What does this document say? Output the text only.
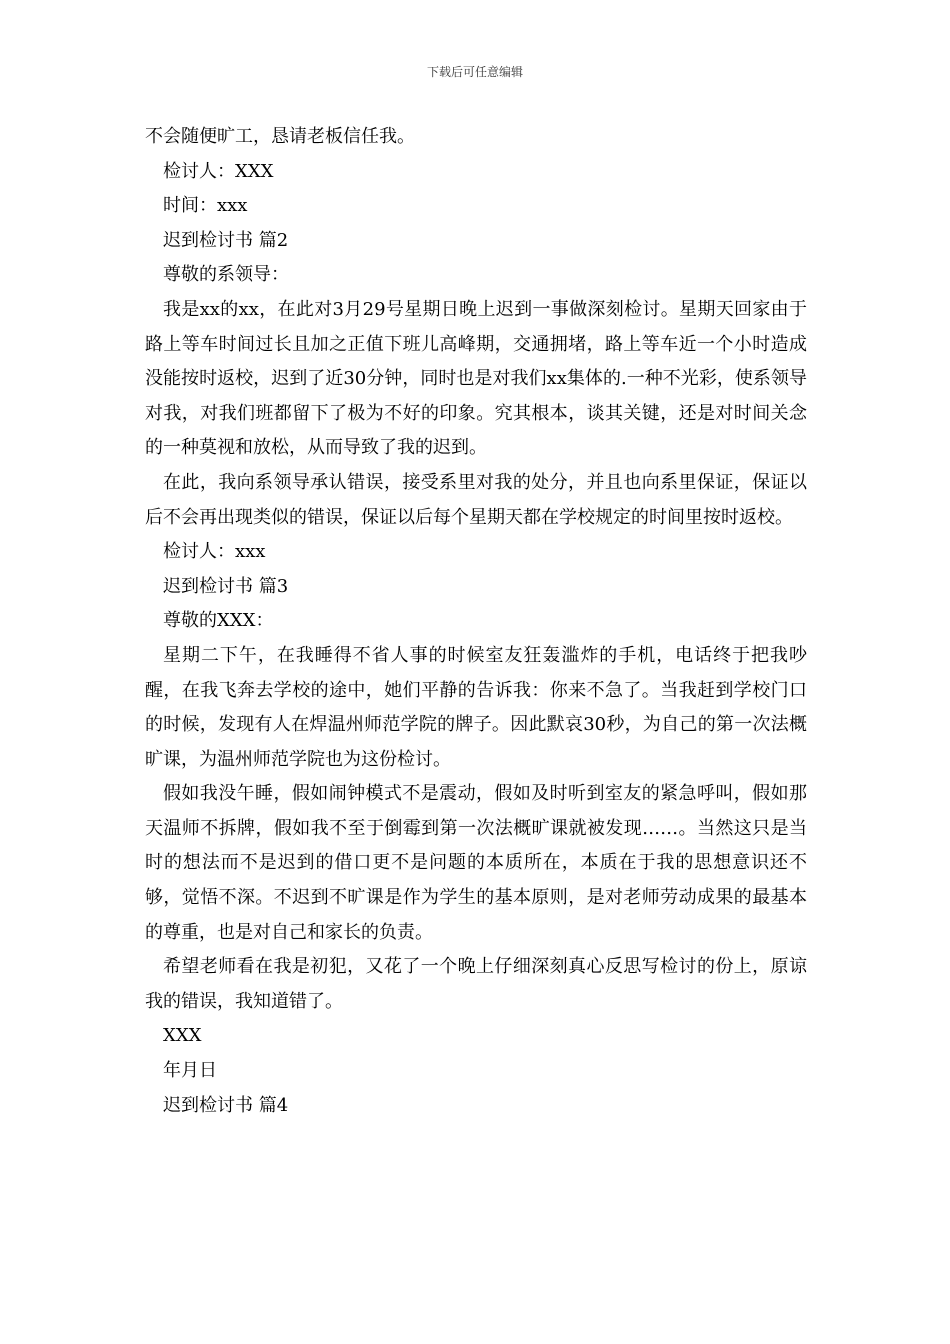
下载后可任意编辑

不会随便旷工，恳请老板信任我。

检讨人：XXX

时间：xxx

迟到检讨书 篇2

尊敬的系领导：

我是xx的xx，在此对3月29号星期日晚上迟到一事做深刻检讨。星期天回家由于路上等车时间过长且加之正值下班儿高峰期，交通拥堵，路上等车近一个小时造成没能按时返校，迟到了近30分钟，同时也是对我们xx集体的.一种不光彩，使系领导对我，对我们班都留下了极为不好的印象。究其根本，谈其关键，还是对时间关念的一种莫视和放松，从而导致了我的迟到。

在此，我向系领导承认错误，接受系里对我的处分，并且也向系里保证，保证以后不会再出现类似的错误，保证以后每个星期天都在学校规定的时间里按时返校。

检讨人：xxx

迟到检讨书 篇3

尊敬的XXX：

星期二下午，在我睡得不省人事的时候室友狂轰滥炸的手机，电话终于把我吵醒，在我飞奔去学校的途中，她们平静的告诉我：你来不急了。当我赶到学校门口的时候，发现有人在焊温州师范学院的牌子。因此默哀30秒，为自己的第一次法概旷课，为温州师范学院也为这份检讨。

假如我没午睡，假如闹钟模式不是震动，假如及时听到室友的紧急呼叫，假如那天温师不拆牌，假如我不至于倒霉到第一次法概旷课就被发现……。当然这只是当时的想法而不是迟到的借口更不是问题的本质所在，本质在于我的思想意识还不够，觉悟不深。不迟到不旷课是作为学生的基本原则，是对老师劳动成果的最基本的尊重，也是对自己和家长的负责。

希望老师看在我是初犯，又花了一个晚上仔细深刻真心反思写检讨的份上，原谅我的错误，我知道错了。

XXX

年月日

迟到检讨书 篇4
